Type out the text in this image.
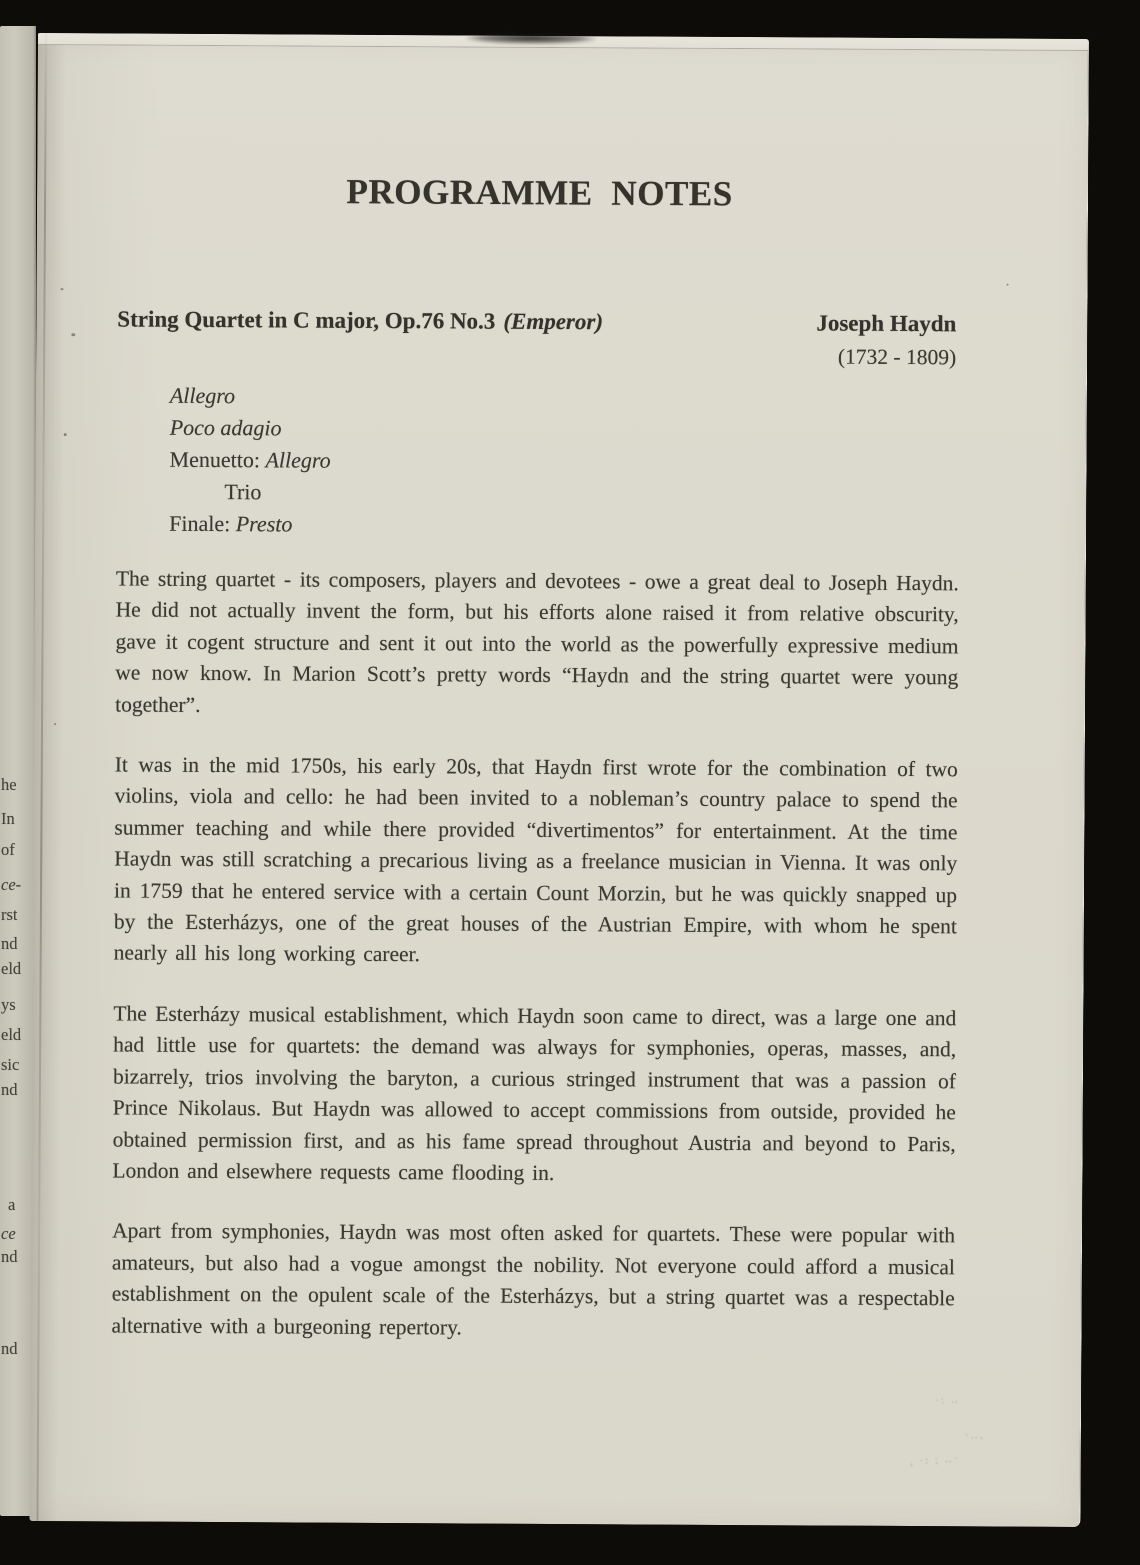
he
In
of
ce-
rst
nd
eld
ys
eld
sic
nd
a
ce
nd
nd
·: ‥
·‥,
, ·: ; ‥·
PROGRAMME NOTES
String Quartet in C major, Op.76 No.3 (Emperor)	Joseph Haydn
(1732 - 1809)
Allegro
Poco adagio
Menuetto: Allegro
Trio
Finale: Presto

The string quartet - its composers, players and devotees - owe a great deal to Joseph Haydn. He did not actually invent the form, but his efforts alone raised it from relative obscurity, gave it cogent structure and sent it out into the world as the powerfully expressive medium we now know. In Marion Scott’s pretty words “Haydn and the string quartet were young together”.

It was in the mid 1750s, his early 20s, that Haydn first wrote for the combination of two violins, viola and cello: he had been invited to a nobleman’s country palace to spend the summer teaching and while there provided “divertimentos” for entertainment. At the time Haydn was still scratching a precarious living as a freelance musician in Vienna. It was only in 1759 that he entered service with a certain Count Morzin, but he was quickly snapped up by the Esterházys, one of the great houses of the Austrian Empire, with whom he spent nearly all his long working career.

The Esterházy musical establishment, which Haydn soon came to direct, was a large one and had little use for quartets: the demand was always for symphonies, operas, masses, and, bizarrely, trios involving the baryton, a curious stringed instrument that was a passion of Prince Nikolaus. But Haydn was allowed to accept commissions from outside, provided he obtained permission first, and as his fame spread throughout Austria and beyond to Paris, London and elsewhere requests came flooding in.

Apart from symphonies, Haydn was most often asked for quartets. These were popular with amateurs, but also had a vogue amongst the nobility. Not everyone could afford a musical establishment on the opulent scale of the Esterházys, but a string quartet was a respectable alternative with a burgeoning repertory.
